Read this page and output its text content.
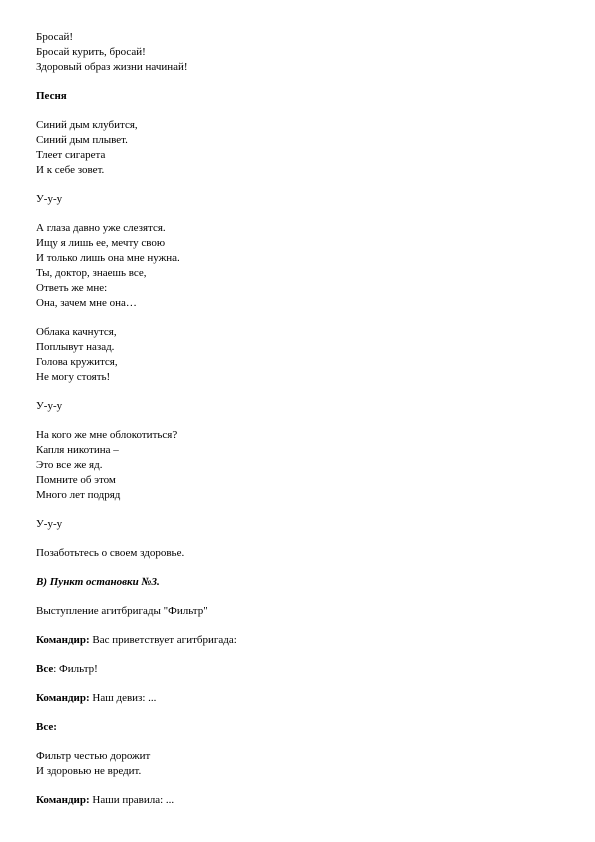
Бросай!
Бросай курить, бросай!
Здоровый образ жизни начинай!
Песня
Синий дым клубится,
Синий дым плывет.
Тлеет сигарета
И к себе зовет.
У-у-у
А глаза давно уже слезятся.
Ищу я лишь ее, мечту свою
И только лишь она мне нужна.
Ты, доктор, знаешь все,
Ответь же мне:
Она, зачем мне она…
Облака качнутся,
Поплывут назад.
Голова кружится,
Не могу стоять!
У-у-у
На кого же мне облокотиться?
Капля никотина –
Это все же яд.
Помните об этом
Много лет подряд
У-у-у
Позаботьтесь о своем здоровье.
В) Пункт остановки №3.
Выступление агитбригады "Фильтр"
Командир: Вас приветствует агитбригада:
Все: Фильтр!
Командир: Наш девиз: ...
Все:
Фильтр честью дорожит
И здоровью не вредит.
Командир: Наши правила: ...
